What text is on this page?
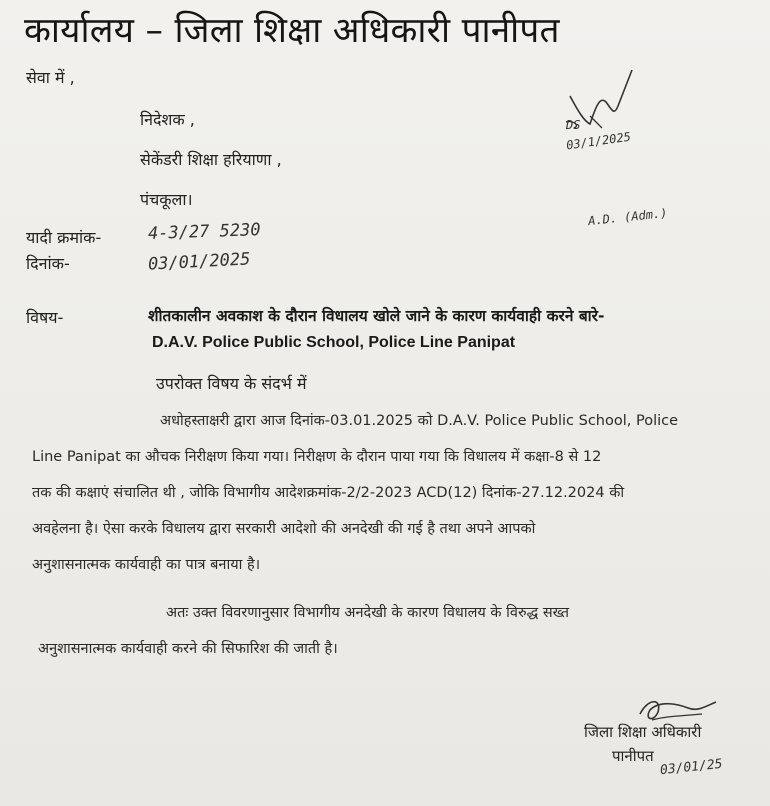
कार्यालय – जिला शिक्षा अधिकारी पानीपत
सेवा में ,
निदेशक ,
सेकेंडरी शिक्षा हरियाणा ,
पंचकूला।
DS
03/1/2025
A.D. (Adm.)
यादी क्रमांक-	4-3/27 5230
दिनांक-	03/01/2025
विषय-	शीतकालीन अवकाश के दौरान विधालय खोले जाने के कारण कार्यवाही करने बारे-
D.A.V. Police Public School, Police Line Panipat
उपरोक्त विषय के संदर्भ में
अधोहस्ताक्षरी द्वारा आज दिनांक-03.01.2025 को D.A.V. Police Public School, Police
Line Panipat का औचक निरीक्षण किया गया। निरीक्षण के दौरान पाया गया कि विधालय में कक्षा-8 से 12
तक की कक्षाएं संचालित थी , जोकि विभागीय आदेशक्रमांक-2/2-2023 ACD(12) दिनांक-27.12.2024 की
अवहेलना है। ऐसा करके विधालय द्वारा सरकारी आदेशो की अनदेखी की गई है तथा अपने आपको
अनुशासनात्मक कार्यवाही का पात्र बनाया है।
अतः उक्त विवरणानुसार विभागीय अनदेखी के कारण विधालय के विरुद्ध सख्त
अनुशासनात्मक कार्यवाही करने की सिफारिश की जाती है।
जिला शिक्षा अधिकारी
पानीपत
03/01/25
